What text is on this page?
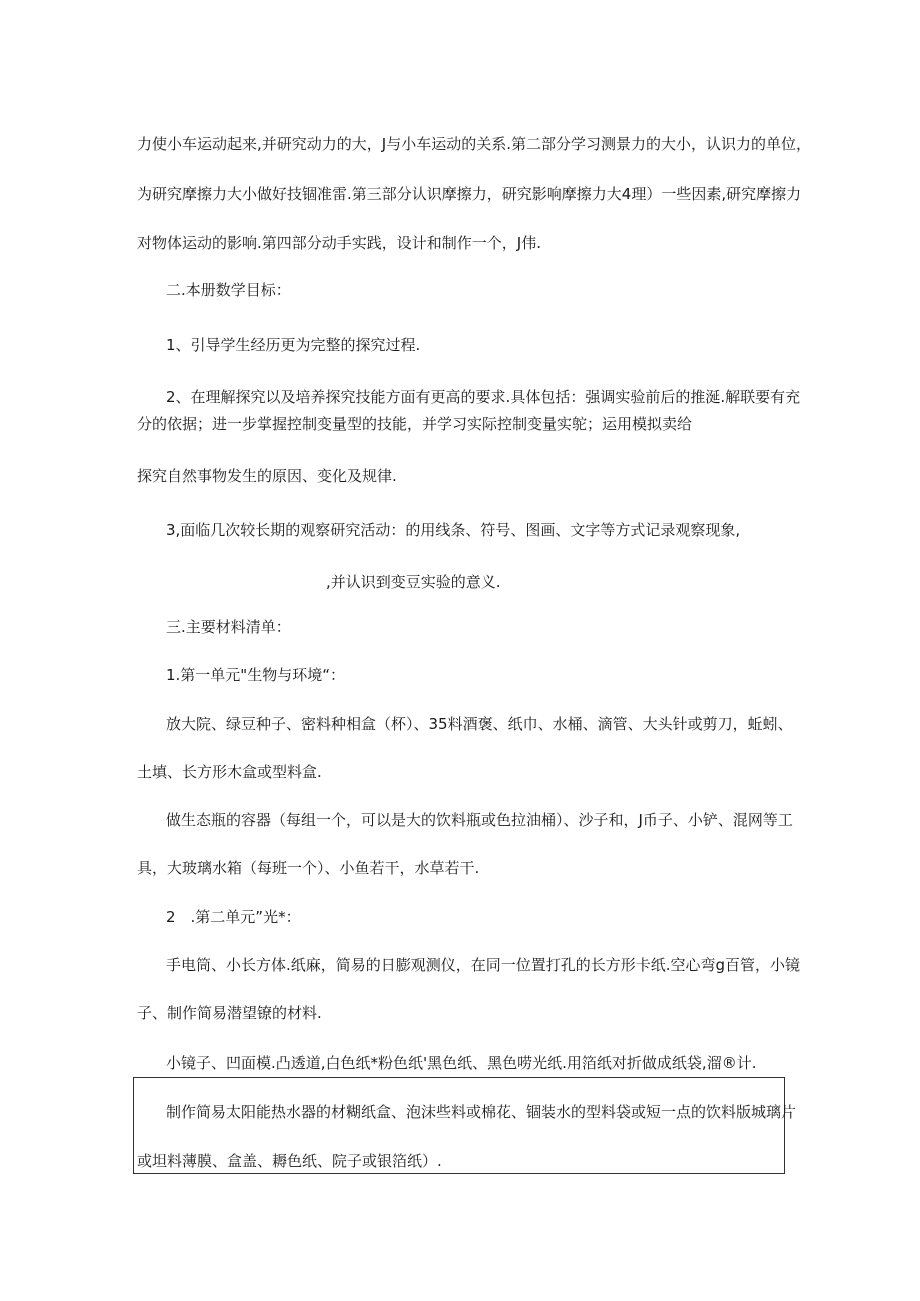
力使小车运动起来,并研究动力的大，J与小车运动的关系.第二部分学习测景力的大小，认识力的单位，
为研究摩擦力大小做好技锢准雷.第三部分认识摩擦力，研究影响摩擦力大4理）一些因素,研究摩擦力
对物体运动的影响.第四部分动手实践，设计和制作一个，J伟.
二.本册数学目标：
1、引导学生经历更为完整的探究过程.
2、在理解探究以及培养探究技能方面有更高的要求.具体包括：强调实验前后的推涎.解联要有充
分的依据；进一步掌握控制变量型的技能，并学习实际控制变量实鸵；运用模拟卖给
探究自然事物发生的原因、变化及规律.
3,面临几次较长期的观察研究活动：的用线条、符号、图画、文字等方式记录观察现象,
,并认识到变豆实验的意义.
三.主要材料清单：
1.第一单元"生物与环境“：
放大院、绿豆种子、密料种相盒（杯）、35料酒褒、纸巾、水桶、滴管、大头针或剪刀，蚯蚓、
土填、长方形木盒或型料盒.
做生态瓶的容器（每组一个，可以是大的饮料瓶或色拉油桶）、沙子和，J币子、小铲、混网等工
具，大玻璃水箱（每班一个）、小鱼若干，水草若干.
2　.第二单元”光*：
手电筒、小长方体.纸麻，简易的日膨观测仪，在同一位置打孔的长方形卡纸.空心弯g百管，小镜
子、制作简易潜望镣的材料.
小镜子、凹面模.凸透道,白色纸*粉色纸'黑色纸、黑色唠光纸.用箔纸对折做成纸袋,溜®计.
制作简易太阳能热水器的材糊纸盒、泡沫些料或棉花、锢装水的型料袋或短一点的饮料版城璃片
或坦料薄膜、盒盖、耨色纸、院子或银箔纸）.
